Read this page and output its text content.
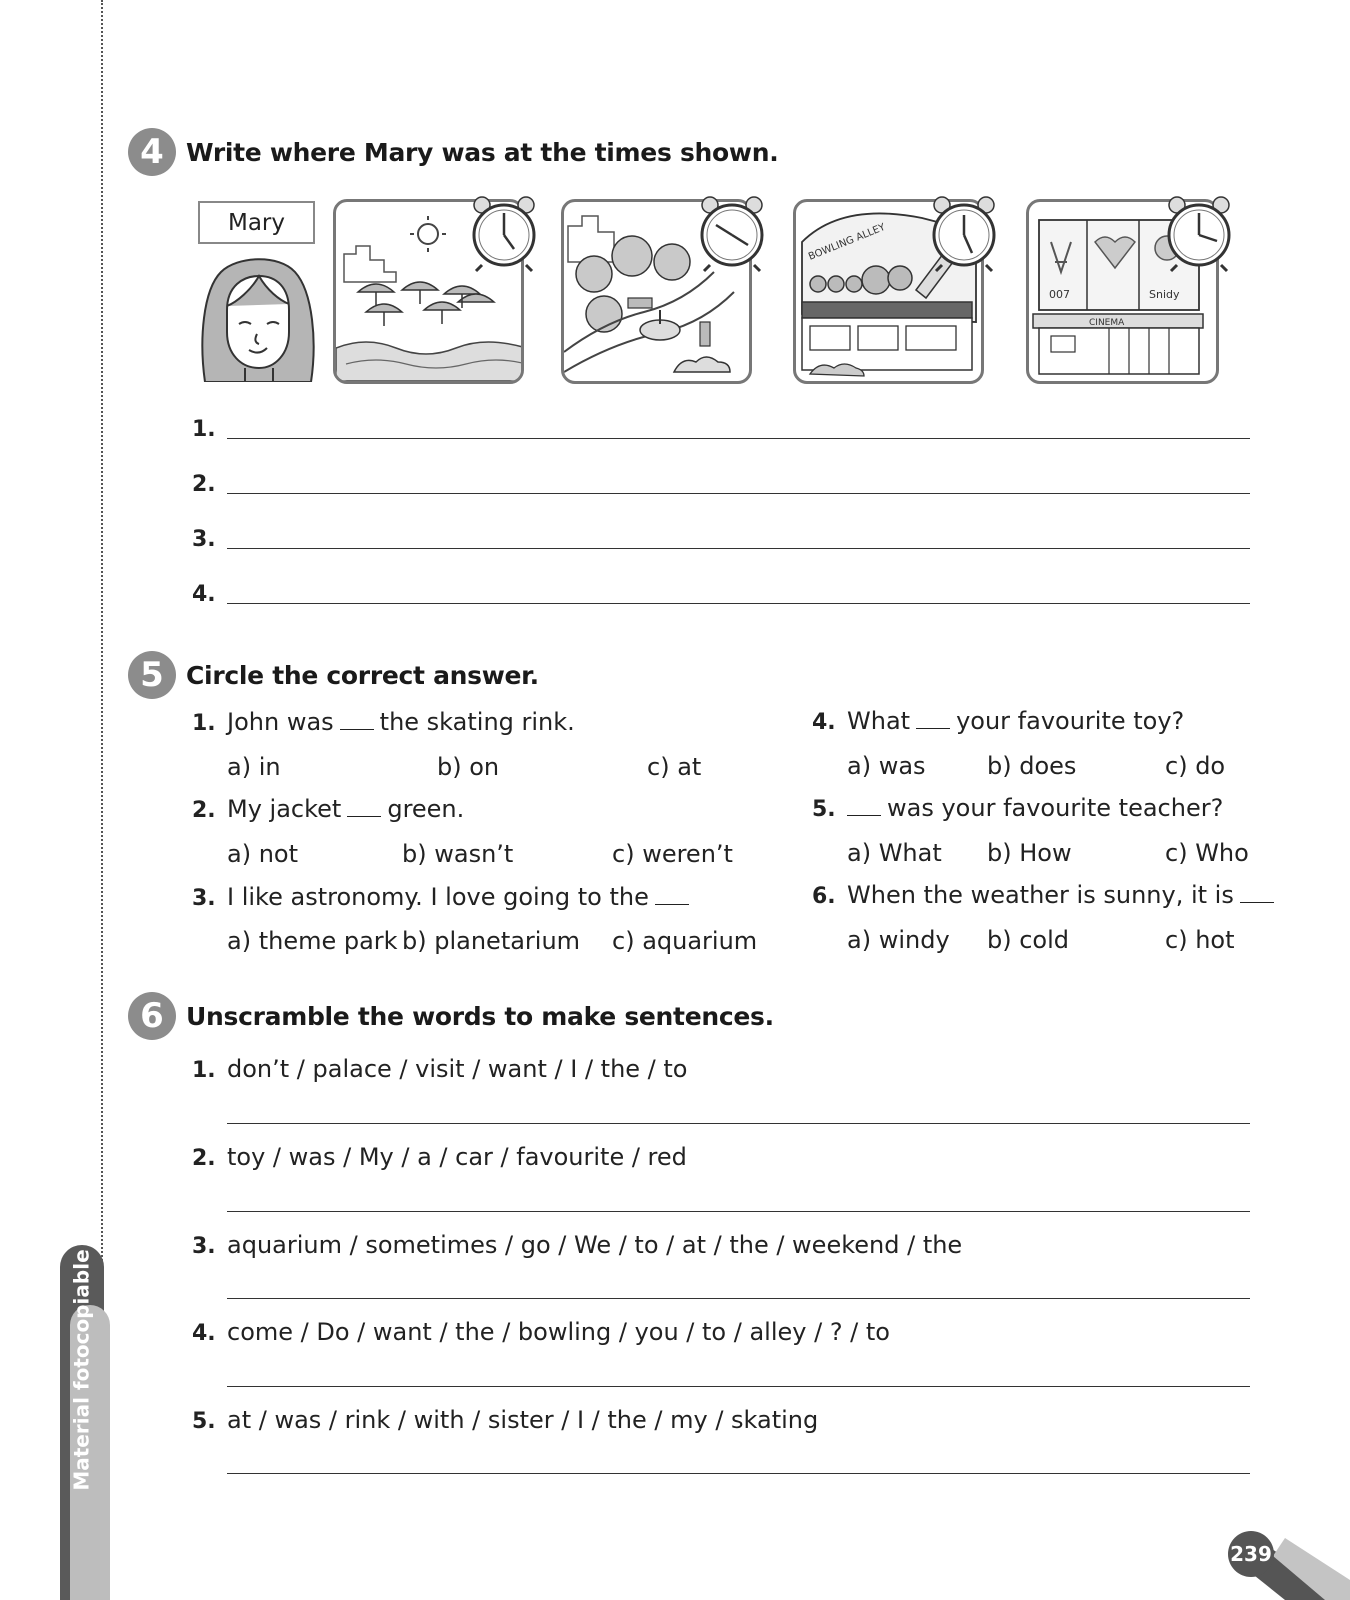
Material fotocopiable
4 Write where Mary was at the times shown.
Mary	BOWLING ALLEY
007	Snidy
CINEMA
1.
2.
3.
4.
5 Circle the correct answer.
1. John was the skating rink.
a) in	b) on	c) at
2. My jacket green.
a) not	b) wasn’t	c) weren’t
3. I like astronomy. I love going to the
a) theme park b) planetarium c) aquarium
4. What your favourite toy?
a) was	b) does	c) do
5.	was your favourite teacher?
a) What b) How	c) Who
6. When the weather is sunny, it is
a) windy b) cold	c) hot
6 Unscramble the words to make sentences.
1. don’t / palace / visit / want / I / the / to
2. toy / was / My / a / car / favourite / red
3. aquarium / sometimes / go / We / to / at / the / weekend / the
4. come / Do / want / the / bowling / you / to / alley / ? / to
5. at / was / rink / with / sister / I / the / my / skating
239
